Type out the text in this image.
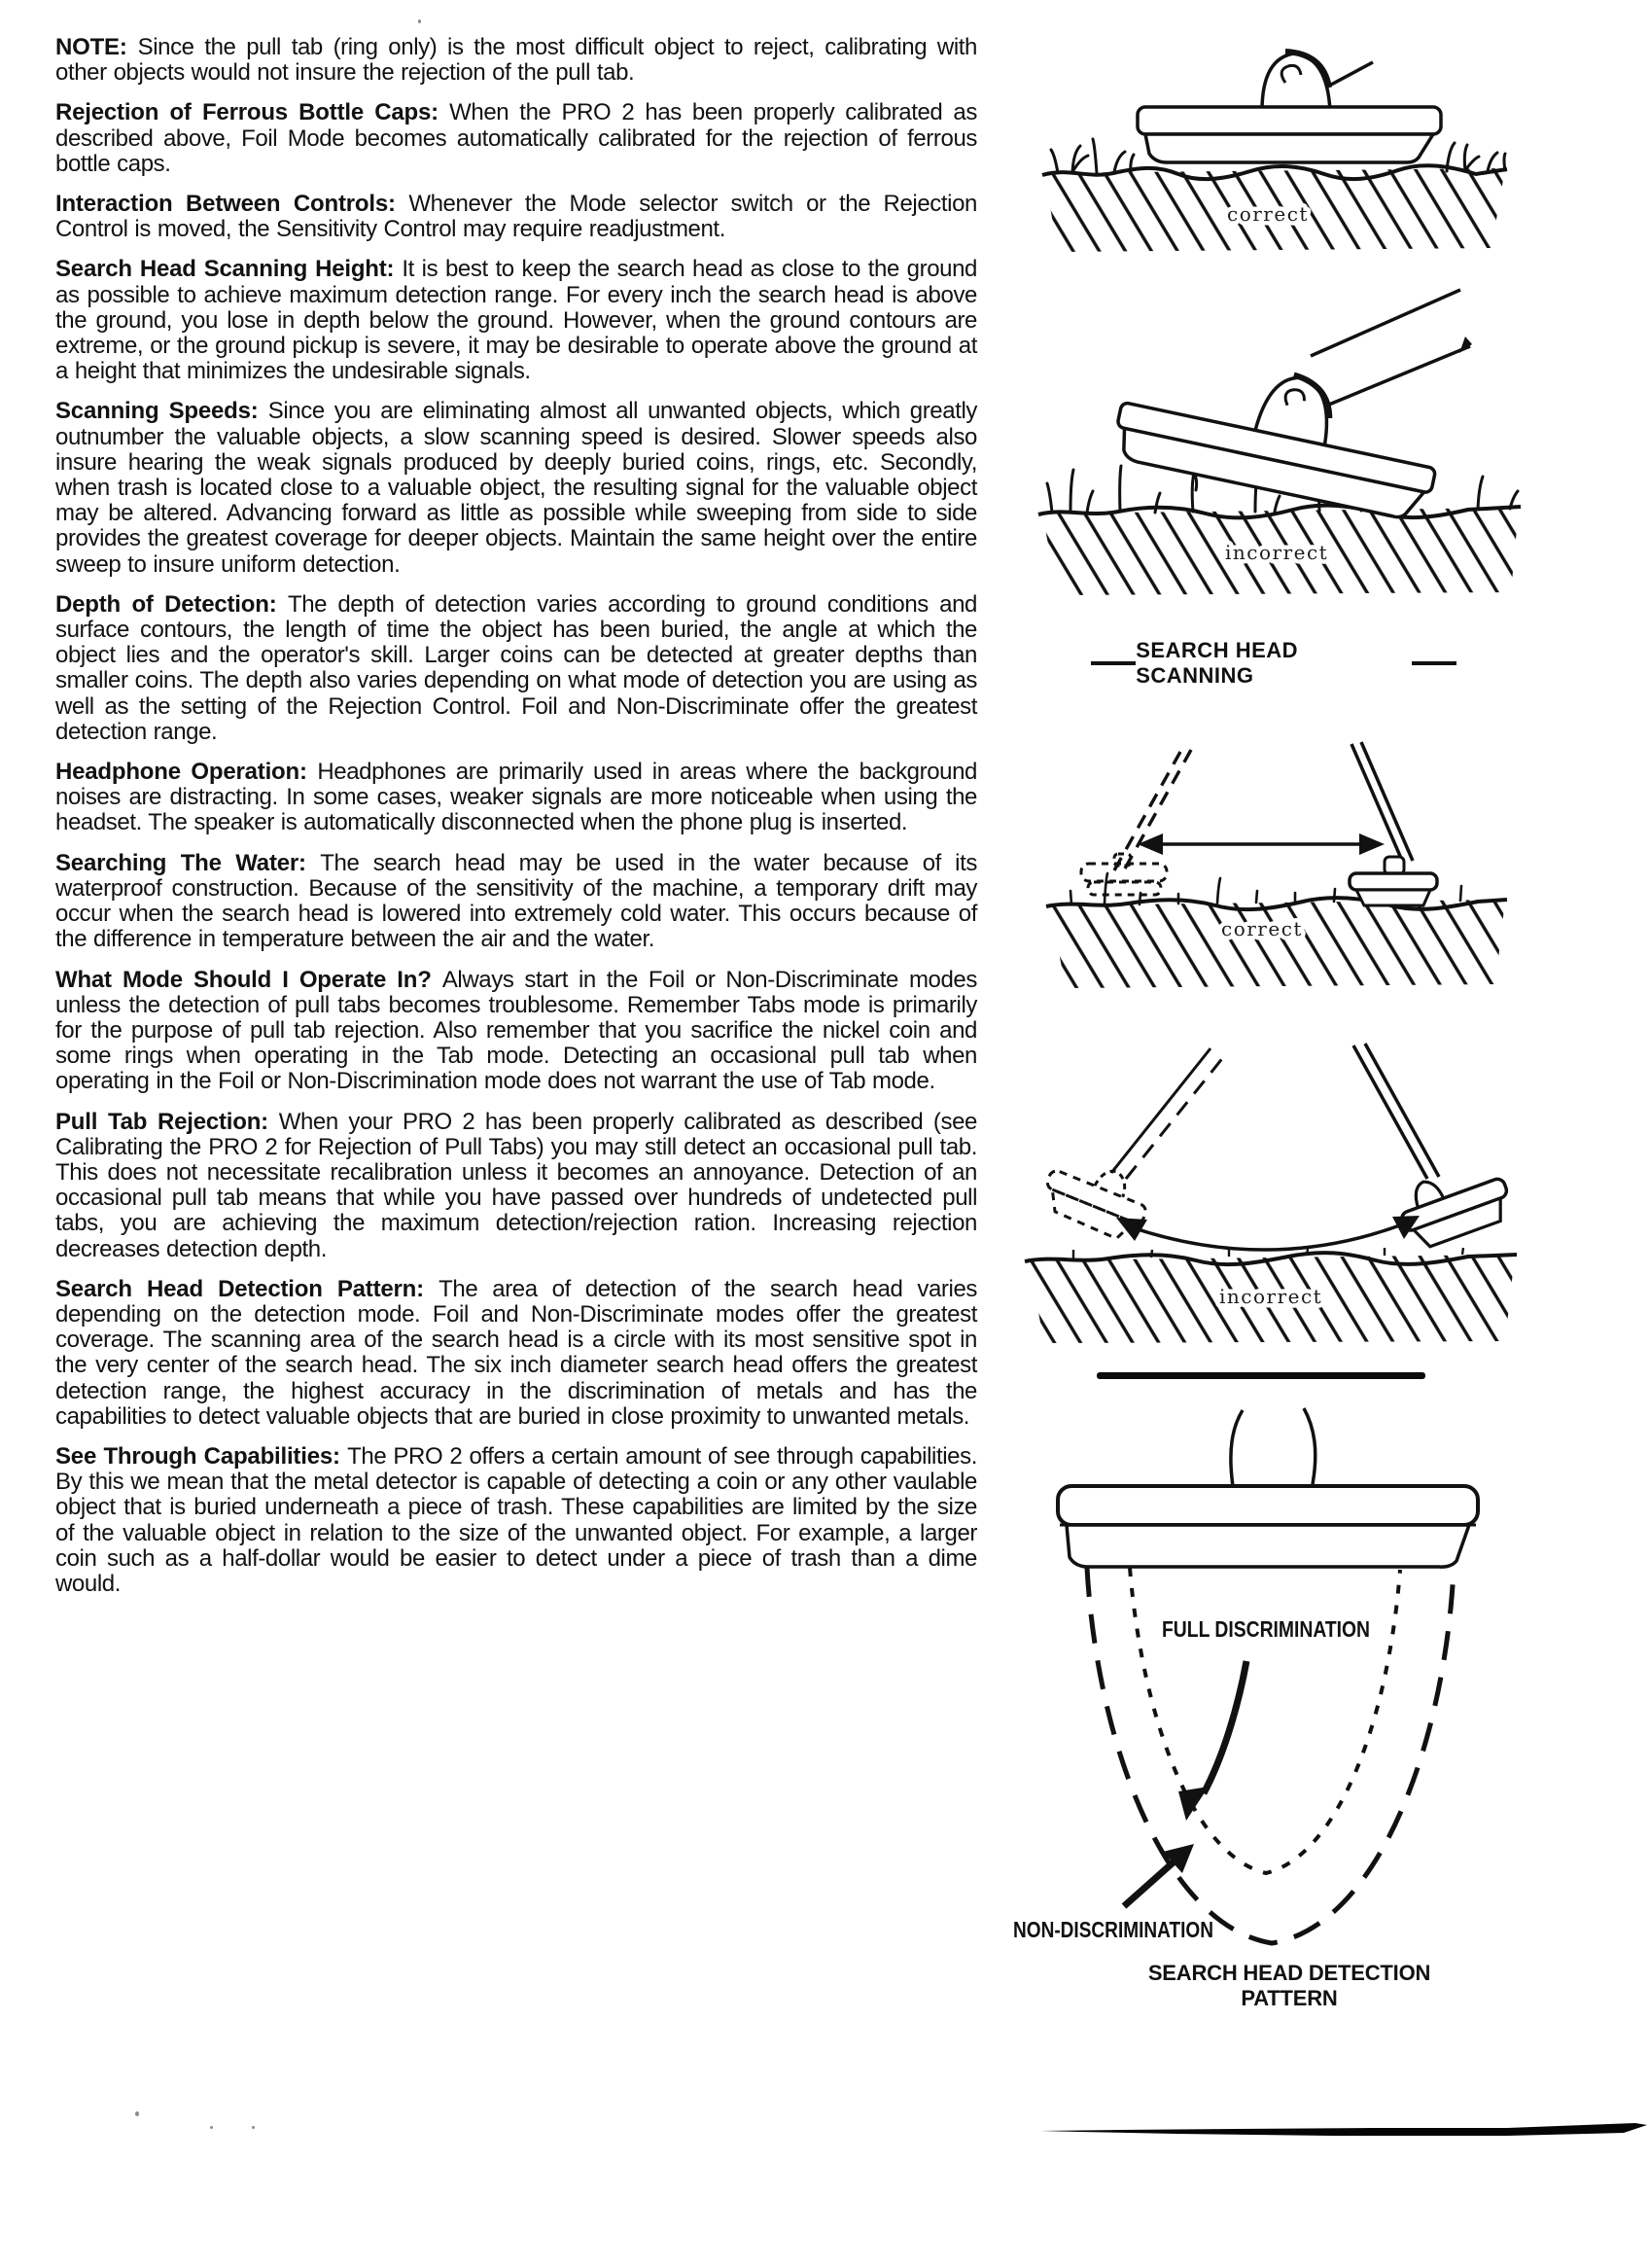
NOTE: Since the pull tab (ring only) is the most difficult object to reject, calibrating with other objects would not insure the rejection of the pull tab.

Rejection of Ferrous Bottle Caps: When the PRO 2 has been properly calibrated as described above, Foil Mode becomes automatically calibrated for the rejection of ferrous bottle caps.

Interaction Between Controls: Whenever the Mode selector switch or the Rejection Control is moved, the Sensitivity Control may require readjustment.

Search Head Scanning Height: It is best to keep the search head as close to the ground as possible to achieve maximum detection range. For every inch the search head is above the ground, you lose in depth below the ground. However, when the ground contours are extreme, or the ground pickup is severe, it may be desirable to operate above the ground at a height that minimizes the undesirable signals.

Scanning Speeds: Since you are eliminating almost all unwanted objects, which greatly outnumber the valuable objects, a slow scanning speed is desired. Slower speeds also insure hearing the weak signals produced by deeply buried coins, rings, etc. Secondly, when trash is located close to a valuable object, the resulting signal for the valuable object may be altered. Advancing forward as little as possible while sweeping from side to side provides the greatest coverage for deeper objects. Maintain the same height over the entire sweep to insure uniform detection.

Depth of Detection: The depth of detection varies according to ground conditions and surface contours, the length of time the object has been buried, the angle at which the object lies and the operator's skill. Larger coins can be detected at greater depths than smaller coins. The depth also varies depending on what mode of detection you are using as well as the setting of the Rejection Control. Foil and Non-Discriminate offer the greatest detection range.

Headphone Operation: Headphones are primarily used in areas where the background noises are distracting. In some cases, weaker signals are more noticeable when using the headset. The speaker is automatically disconnected when the phone plug is inserted.

Searching The Water: The search head may be used in the water because of its waterproof construction. Because of the sensitivity of the machine, a temporary drift may occur when the search head is lowered into extremely cold water. This occurs because of the difference in temperature between the air and the water.

What Mode Should I Operate In? Always start in the Foil or Non-Discriminate modes unless the detection of pull tabs becomes troublesome. Remember Tabs mode is primarily for the purpose of pull tab rejection. Also remember that you sacrifice the nickel coin and some rings when operating in the Tab mode. Detecting an occasional pull tab when operating in the Foil or Non-Discrimination mode does not warrant the use of Tab mode.

Pull Tab Rejection: When your PRO 2 has been properly calibrated as described (see Calibrating the PRO 2 for Rejection of Pull Tabs) you may still detect an occasional pull tab. This does not necessitate recalibration unless it becomes an annoyance. Detection of an occasional pull tab means that while you have passed over hundreds of undetected pull tabs, you are achieving the maximum detection/rejection ration. Increasing rejection decreases detection depth.

Search Head Detection Pattern: The area of detection of the search head varies depending on the detection mode. Foil and Non-Discriminate modes offer the greatest coverage. The scanning area of the search head is a circle with its most sensitive spot in the very center of the search head. The six inch diameter search head offers the greatest detection range, the highest accuracy in the discrimination of metals and has the capabilities to detect valuable objects that are buried in close proximity to unwanted metals.

See Through Capabilities: The PRO 2 offers a certain amount of see through capabilities. By this we mean that the metal detector is capable of detecting a coin or any other vaulable object that is buried underneath a piece of trash. These capabilities are limited by the size of the valuable object in relation to the size of the unwanted object. For example, a larger coin such as a half-dollar would be easier to detect under a piece of trash than a dime would.

correct
incorrect
SEARCH HEAD SCANNING
correct
incorrect
FULL DISCRIMINATION
NON-DISCRIMINATION
SEARCH HEAD DETECTION PATTERN
